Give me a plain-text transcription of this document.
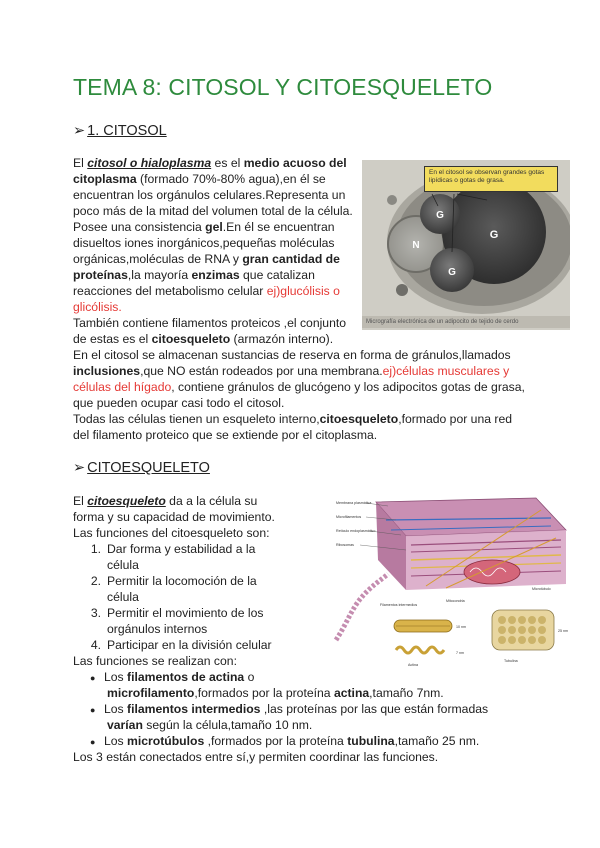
TEMA 8: CITOSOL Y CITOESQUELETO
➢ 1. CITOSOL
El citosol o hialoplasma es el medio acuoso del
citoplasma (formado 70%-80% agua),en él se
encuentran los orgánulos celulares.Representa un
poco más de la mitad del volumen total de la célula.
Posee una consistencia gel.En él se encuentran
disueltos iones inorgánicos,pequeñas moléculas
orgánicas,moléculas de RNA y gran cantidad de
proteínas,la mayoría enzimas que catalizan
reacciones del metabolismo celular ej)glucólisis o
glicólisis.
También contiene filamentos proteicos ,el conjunto
de estas es el citoesqueleto (armazón interno).
En el citosol se almacenan sustancias de reserva en forma de gránulos,llamados
inclusiones,que NO están rodeados por una membrana.ej)células musculares y
células del hígado, contiene gránulos de glucógeno y los adipocitos gotas de grasa,
que pueden ocupar casi todo el citosol.
Todas las células tienen un esqueleto interno,citoesqueleto,formado por una red
del filamento proteico que se extiende por el citoplasma.
G
N
G
G
En el citosol se observan grandes gotas lipídicas o gotas de grasa.
Micrografía electrónica de un adipocito de tejido de cerdo
➢ CITOESQUELETO
El citoesqueleto da a la célula su
forma y su capacidad de movimiento.
Las funciones del citoesqueleto son:
1. Dar forma y estabilidad a la
célula
2. Permitir la locomoción de la
célula
3. Permitir el movimiento de los
orgánulos internos
4. Participar en la división celular
Las funciones se realizan con:
● Los filamentos de actina o
microfilamento,formados por la proteína actina,tamaño 7nm.
● Los filamentos intermedios ,las proteínas por las que están formadas
varían según la célula,tamaño 10 nm.
● Los microtúbulos ,formados por la proteína tubulina,tamaño 25 nm.
Los 3 están conectados entre sí,y permiten coordinar las funciones.
Membrana plasmática
Microfilamentos
Retículo endoplasmático
Ribosomas
Filamentos intermedios
Mitocondria
Microtúbulo
Actina
Tubulina
25 nm
10 nm
7 nm
